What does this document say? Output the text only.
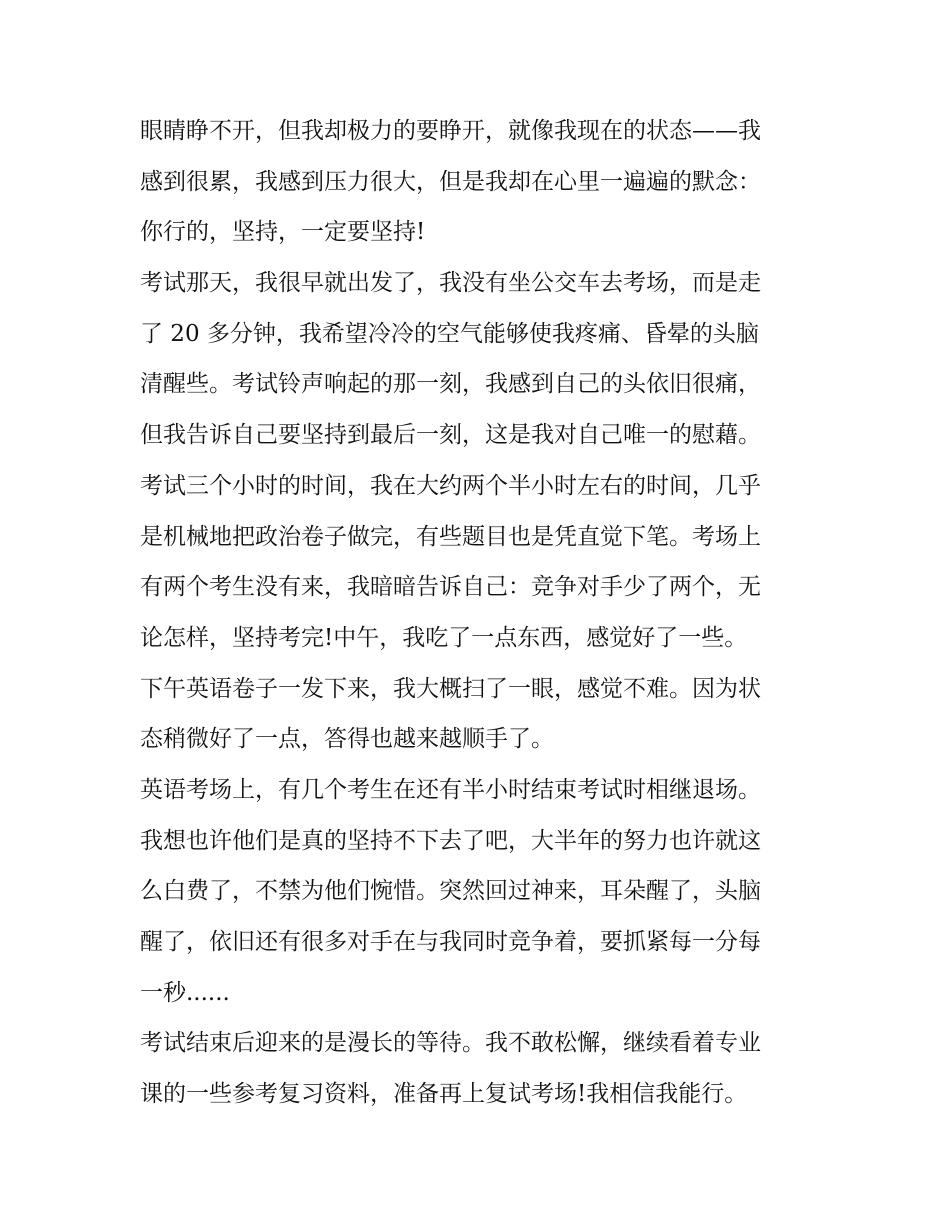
眼睛睁不开，但我却极力的要睁开，就像我现在的状态——我
感到很累，我感到压力很大，但是我却在心里一遍遍的默念：
你行的，坚持，一定要坚持!
考试那天，我很早就出发了，我没有坐公交车去考场，而是走
了 20 多分钟，我希望冷冷的空气能够使我疼痛、昏晕的头脑
清醒些。考试铃声响起的那一刻，我感到自己的头依旧很痛，
但我告诉自己要坚持到最后一刻，这是我对自己唯一的慰藉。
考试三个小时的时间，我在大约两个半小时左右的时间，几乎
是机械地把政治卷子做完，有些题目也是凭直觉下笔。考场上
有两个考生没有来，我暗暗告诉自己：竞争对手少了两个，无
论怎样，坚持考完!中午，我吃了一点东西，感觉好了一些。
下午英语卷子一发下来，我大概扫了一眼，感觉不难。因为状
态稍微好了一点，答得也越来越顺手了。
英语考场上，有几个考生在还有半小时结束考试时相继退场。
我想也许他们是真的坚持不下去了吧，大半年的努力也许就这
么白费了，不禁为他们惋惜。突然回过神来，耳朵醒了，头脑
醒了，依旧还有很多对手在与我同时竞争着，要抓紧每一分每
一秒......
考试结束后迎来的是漫长的等待。我不敢松懈，继续看着专业
课的一些参考复习资料，准备再上复试考场!我相信我能行。
